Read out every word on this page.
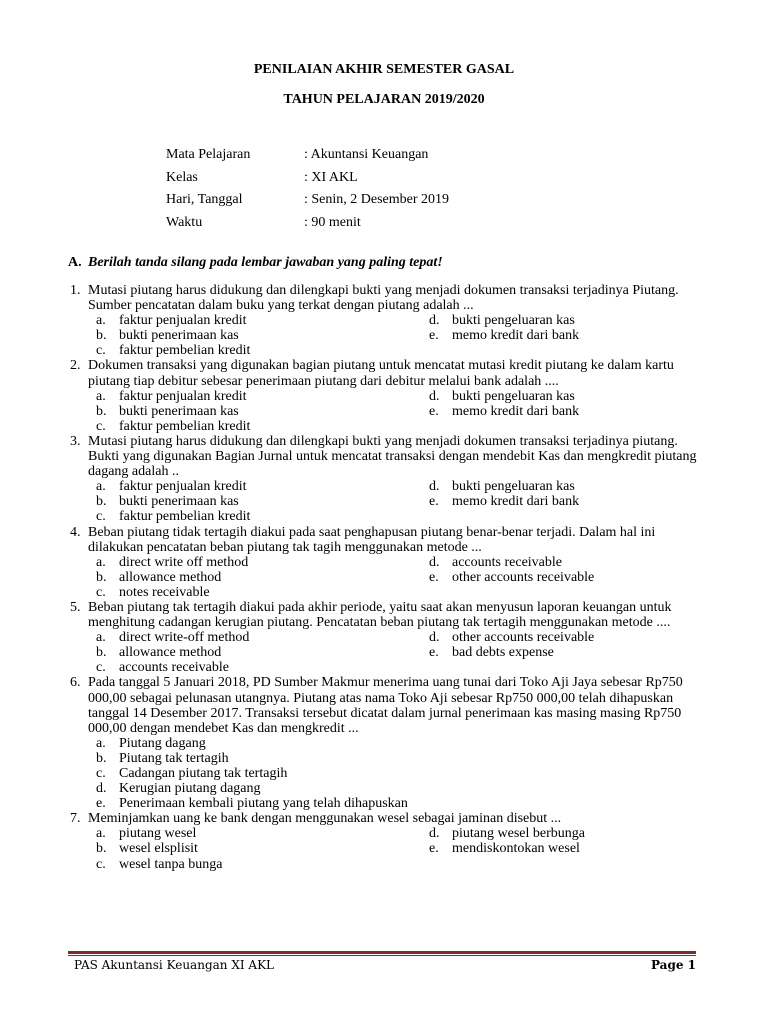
PENILAIAN AKHIR SEMESTER GASAL
TAHUN PELAJARAN 2019/2020
Mata Pelajaran	: Akuntansi Keuangan
Kelas	: XI AKL
Hari, Tanggal	: Senin, 2 Desember 2019
Waktu	: 90 menit
A. Berilah tanda silang pada lembar jawaban yang paling tepat!

1. Mutasi piutang harus didukung dan dilengkapi bukti yang menjadi dokumen transaksi terjadinya Piutang. Sumber pencatatan dalam buku yang terkat dengan piutang adalah ...

a. faktur penjualan kredit	d. bukti pengeluaran kas
b. bukti penerimaan kas	e. memo kredit dari bank
c. faktur pembelian kredit

2. Dokumen transaksi yang digunakan bagian piutang untuk mencatat mutasi kredit piutang ke dalam kartu piutang tiap debitur sebesar penerimaan piutang dari debitur melalui bank adalah ....

a. faktur penjualan kredit	d. bukti pengeluaran kas
b. bukti penerimaan kas	e. memo kredit dari bank
c. faktur pembelian kredit

3. Mutasi piutang harus didukung dan dilengkapi bukti yang menjadi dokumen transaksi terjadinya piutang. Bukti yang digunakan Bagian Jurnal untuk mencatat transaksi dengan mendebit Kas dan mengkredit piutang dagang adalah ..

a. faktur penjualan kredit	d. bukti pengeluaran kas
b. bukti penerimaan kas	e. memo kredit dari bank
c. faktur pembelian kredit

4. Beban piutang tidak tertagih diakui pada saat penghapusan piutang benar-benar terjadi. Dalam hal ini dilakukan pencatatan beban piutang tak tagih menggunakan metode ...

a. direct write off method	d. accounts receivable
b. allowance method	e. other accounts receivable
c. notes receivable

5. Beban piutang tak tertagih diakui pada akhir periode, yaitu saat akan menyusun laporan keuangan untuk menghitung cadangan kerugian piutang. Pencatatan beban piutang tak tertagih menggunakan metode ....

a. direct write-off method	d. other accounts receivable
b. allowance method	e. bad debts expense
c. accounts receivable

6. Pada tanggal 5 Januari 2018, PD Sumber Makmur menerima uang tunai dari Toko Aji Jaya sebesar Rp750 000,00 sebagai pelunasan utangnya. Piutang atas nama Toko Aji sebesar Rp750 000,00 telah dihapuskan tanggal 14 Desember 2017. Transaksi tersebut dicatat dalam jurnal penerimaan kas masing masing Rp750 000,00 dengan mendebet Kas dan mengkredit ...

a. Piutang dagang
b. Piutang tak tertagih
c. Cadangan piutang tak tertagih
d. Kerugian piutang dagang
e. Penerimaan kembali piutang yang telah dihapuskan

7. Meminjamkan uang ke bank dengan menggunakan wesel sebagai jaminan disebut ...

a. piutang wesel	d. piutang wesel berbunga
b. wesel elsplisit	e. mendiskontokan wesel
c. wesel tanpa bunga
PAS Akuntansi Keuangan XI AKL	Page 1
